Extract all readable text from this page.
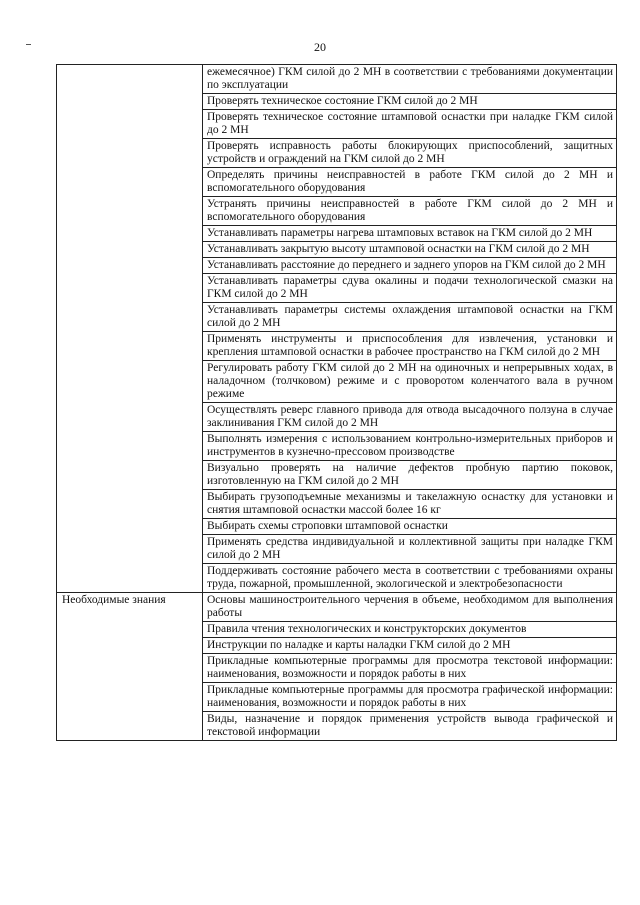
20
	ежемесячное) ГКМ силой до 2 МН в соответствии с требованиями документации по эксплуатации
	Проверять техническое состояние ГКМ силой до 2 МН
	Проверять техническое состояние штамповой оснастки при наладке ГКМ силой до 2 МН
	Проверять исправность работы блокирующих приспособлений, защитных устройств и ограждений на ГКМ силой до 2 МН
	Определять причины неисправностей в работе ГКМ силой до 2 МН и вспомогательного оборудования
	Устранять причины неисправностей в работе ГКМ силой до 2 МН и вспомогательного оборудования
	Устанавливать параметры нагрева штамповых вставок на ГКМ силой до 2 МН
	Устанавливать закрытую высоту штамповой оснастки на ГКМ силой до 2 МН
	Устанавливать расстояние до переднего и заднего упоров на ГКМ силой до 2 МН
	Устанавливать параметры сдува окалины и подачи технологической смазки на ГКМ силой до 2 МН
	Устанавливать параметры системы охлаждения штамповой оснастки на ГКМ силой до 2 МН
	Применять инструменты и приспособления для извлечения, установки и крепления штамповой оснастки в рабочее пространство на ГКМ силой до 2 МН
	Регулировать работу ГКМ силой до 2 МН на одиночных и непрерывных ходах, в наладочном (толчковом) режиме и с проворотом коленчатого вала в ручном режиме
	Осуществлять реверс главного привода для отвода высадочного ползуна в случае заклинивания ГКМ силой до 2 МН
	Выполнять измерения с использованием контрольно-измерительных приборов и инструментов в кузнечно-прессовом производстве
	Визуально проверять на наличие дефектов пробную партию поковок, изготовленную на ГКМ силой до 2 МН
	Выбирать грузоподъемные механизмы и такелажную оснастку для установки и снятия штамповой оснастки массой более 16 кг
	Выбирать схемы строповки штамповой оснастки
	Применять средства индивидуальной и коллективной защиты при наладке ГКМ силой до 2 МН
	Поддерживать состояние рабочего места в соответствии с требованиями охраны труда, пожарной, промышленной, экологической и электробезопасности
Необходимые знания	Основы машиностроительного черчения в объеме, необходимом для выполнения работы
	Правила чтения технологических и конструкторских документов
	Инструкции по наладке и карты наладки ГКМ силой до 2 МН
	Прикладные компьютерные программы для просмотра текстовой информации: наименования, возможности и порядок работы в них
	Прикладные компьютерные программы для просмотра графической информации: наименования, возможности и порядок работы в них
	Виды, назначение и порядок применения устройств вывода графической и текстовой информации
